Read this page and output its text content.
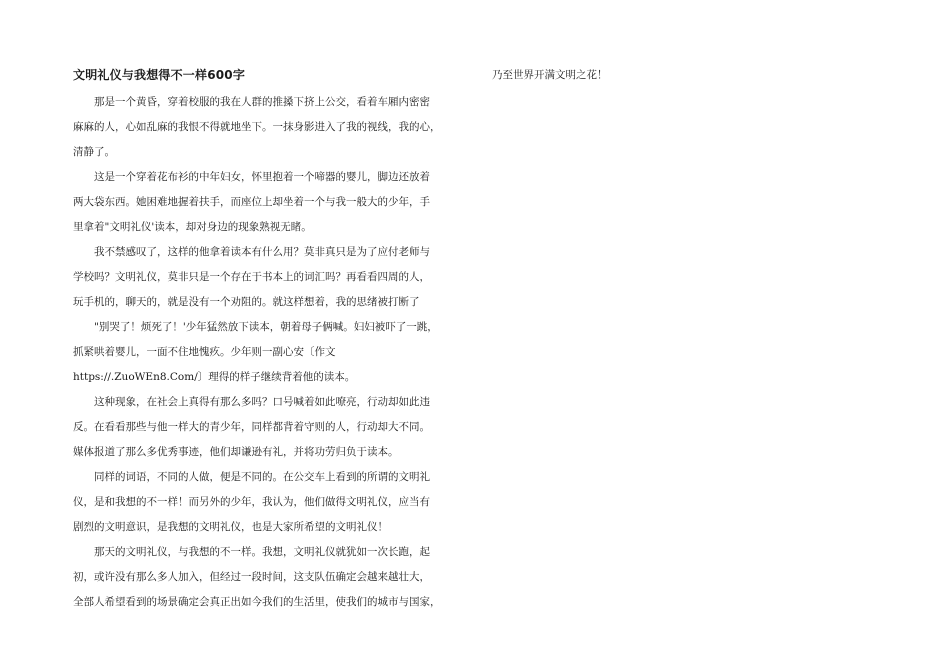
文明礼仪与我想得不一样600字
那是一个黄昏，穿着校服的我在人群的推搡下挤上公交，看着车厢内密密
麻麻的人，心如乱麻的我恨不得就地坐下。一抹身影进入了我的视线，我的心，
清静了。
这是一个穿着花布衫的中年妇女，怀里抱着一个啼器的婴儿，脚边还放着
两大袋东西。她困难地握着扶手，而座位上却坐着一个与我一般大的少年，手
里拿着"文明礼仪'读本，却对身边的现象熟视无睹。
我不禁感叹了，这样的他拿着读本有什么用？莫非真只是为了应付老师与
学校吗？文明礼仪，莫非只是一个存在于书本上的词汇吗？再看看四周的人，
玩手机的，聊天的，就是没有一个劝阻的。就这样想着，我的思绪被打断了
"别哭了！烦死了！'少年猛然放下读本，朝着母子俩喊。妇妇被吓了一跳，
抓紧哄着婴儿，一面不住地愧疚。少年则一副心安〔作文
https://.ZuoWEn8.Com/〕理得的样子继续背着他的读本。
这种现象，在社会上真得有那么多吗？口号喊着如此嘹亮，行动却如此违
反。在看看那些与他一样大的青少年，同样都背着守则的人，行动却大不同。
媒体报道了那么多优秀事迹，他们却谦逊有礼，并将功劳归负于读本。
同样的词语，不同的人做，便是不同的。在公交车上看到的所谓的文明礼
仪，是和我想的不一样！而另外的少年，我认为，他们做得文明礼仪，应当有
剧烈的文明意识，是我想的文明礼仪，也是大家所希望的文明礼仪！
那天的文明礼仪，与我想的不一样。我想，文明礼仪就犹如一次长跑，起
初，或许没有那么多人加入，但经过一段时间，这支队伍确定会越来越壮大，
全部人希望看到的场景确定会真正出如今我们的生活里，使我们的城市与国家，
乃至世界开满文明之花！
